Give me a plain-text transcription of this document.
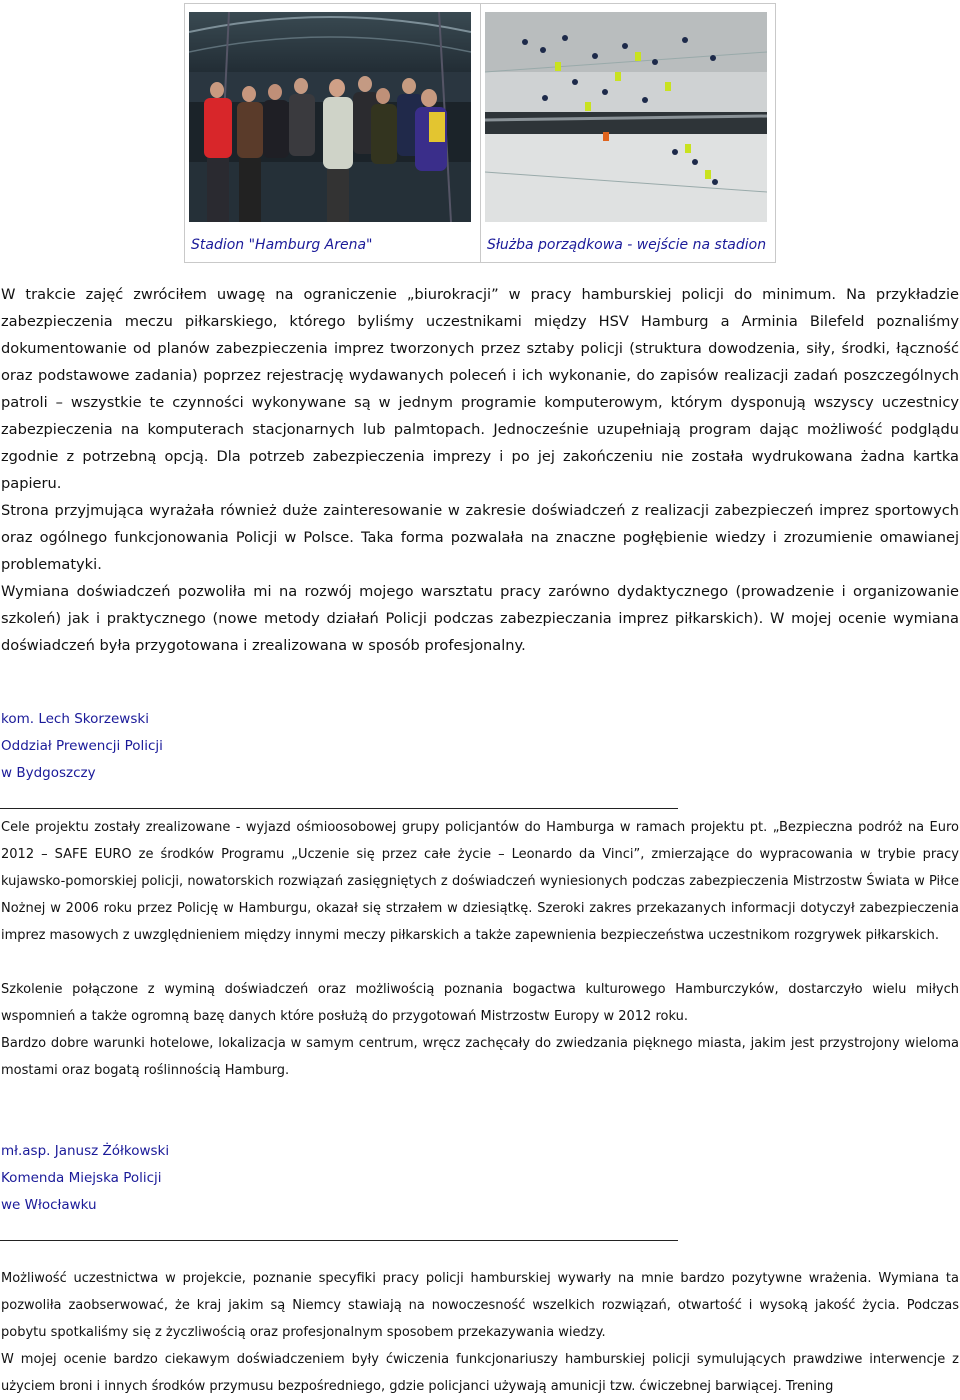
Stadion "Hamburg Arena"	Służba porządkowa - wejście na stadion

W trakcie zajęć zwróciłem uwagę na ograniczenie „biurokracji” w pracy hamburskiej policji do minimum. Na przykładzie zabezpieczenia meczu piłkarskiego, którego byliśmy uczestnikami między HSV Hamburg a Arminia Bilefeld poznaliśmy dokumentowanie od planów zabezpieczenia imprez tworzonych przez sztaby policji (struktura dowodzenia, siły, środki, łączność oraz podstawowe zadania) poprzez rejestrację wydawanych poleceń i ich wykonanie, do zapisów realizacji zadań poszczególnych patroli – wszystkie te czynności wykonywane są w jednym programie komputerowym, którym dysponują wszyscy uczestnicy zabezpieczenia na komputerach stacjonarnych lub palmtopach. Jednocześnie uzupełniają program dając możliwość podglądu zgodnie z potrzebną opcją. Dla potrzeb zabezpieczenia imprezy i po jej zakończeniu nie została wydrukowana żadna kartka papieru.

Strona przyjmująca wyrażała również duże zainteresowanie w zakresie doświadczeń z realizacji zabezpieczeń imprez sportowych oraz ogólnego funkcjonowania Policji w Polsce. Taka forma pozwalała na znaczne pogłębienie wiedzy i zrozumienie omawianej problematyki.

Wymiana doświadczeń pozwoliła mi na rozwój mojego warsztatu pracy zarówno dydaktycznego (prowadzenie i organizowanie szkoleń) jak i praktycznego (nowe metody działań Policji podczas zabezpieczania imprez piłkarskich). W mojej ocenie wymiana doświadczeń była przygotowana i zrealizowana w sposób profesjonalny.

kom. Lech Skorzewski
Oddział Prewencji Policji
w Bydgoszczy

Cele projektu zostały zrealizowane - wyjazd ośmioosobowej grupy policjantów do Hamburga w ramach projektu pt. „Bezpieczna podróż na Euro 2012 – SAFE EURO ze środków Programu „Uczenie się przez całe życie – Leonardo da Vinci”, zmierzające do wypracowania w trybie pracy kujawsko-pomorskiej policji, nowatorskich rozwiązań zasięgniętych z doświadczeń wyniesionych podczas zabezpieczenia Mistrzostw Świata w Piłce Nożnej w 2006 roku przez Policję w Hamburgu, okazał się strzałem w dziesiątkę. Szeroki zakres przekazanych informacji dotyczył zabezpieczenia imprez masowych z uwzględnieniem między innymi meczy piłkarskich a także zapewnienia bezpieczeństwa uczestnikom rozgrywek piłkarskich.

Szkolenie połączone z wyminą doświadczeń oraz możliwością poznania bogactwa kulturowego Hamburczyków, dostarczyło wielu miłych wspomnień a także ogromną bazę danych które posłużą do przygotowań Mistrzostw Europy w 2012 roku.

Bardzo dobre warunki hotelowe, lokalizacja w samym centrum, wręcz zachęcały do zwiedzania pięknego miasta, jakim jest przystrojony wieloma mostami oraz bogatą roślinnością Hamburg.

mł.asp. Janusz Żółkowski
Komenda Miejska Policji
we Włocławku

Możliwość uczestnictwa w projekcie, poznanie specyfiki pracy policji hamburskiej wywarły na mnie bardzo pozytywne wrażenia. Wymiana ta pozwoliła zaobserwować, że kraj jakim są Niemcy stawiają na nowoczesność wszelkich rozwiązań, otwartość i wysoką jakość życia. Podczas pobytu spotkaliśmy się z życzliwością oraz profesjonalnym sposobem przekazywania wiedzy.

W mojej ocenie bardzo ciekawym doświadczeniem były ćwiczenia funkcjonariuszy hamburskiej policji symulujących prawdziwe interwencje z użyciem broni i innych środków przymusu bezpośredniego, gdzie policjanci używają amunicji tzw. ćwiczebnej barwiącej. Trening
